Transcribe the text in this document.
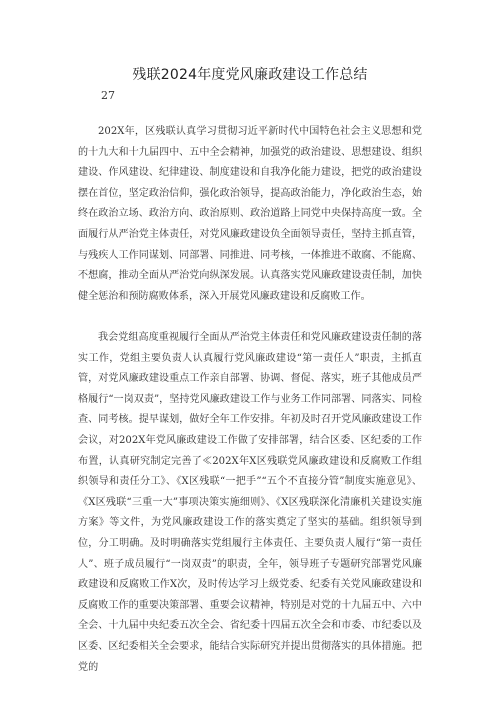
残联2024年度党风廉政建设工作总结
27

202X年，区残联认真学习贯彻习近平新时代中国特色社会主义思想和党的十九大和十九届四中、五中全会精神，加强党的政治建设、思想建设、组织建设、作风建设、纪律建设、制度建设和自我净化能力建设，把党的政治建设摆在首位，坚定政治信仰，强化政治领导，提高政治能力，净化政治生态，始终在政治立场、政治方向、政治原则、政治道路上同党中央保持高度一致。全面履行从严治党主体责任，对党风廉政建设负全面领导责任，坚持主抓直管，与残疾人工作同谋划、同部署、同推进、同考核，一体推进不敢腐、不能腐、不想腐，推动全面从严治党向纵深发展。认真落实党风廉政建设责任制，加快健全惩治和预防腐败体系，深入开展党风廉政建设和反腐败工作。

我会党组高度重视履行全面从严治党主体责任和党风廉政建设责任制的落实工作，党组主要负责人认真履行党风廉政建设“第一责任人”职责，主抓直管，对党风廉政建设重点工作亲自部署、协调、督促、落实，班子其他成员严格履行“一岗双责”，坚持党风廉政建设工作与业务工作同部署、同落实、同检查、同考核。提早谋划，做好全年工作安排。年初及时召开党风廉政建设工作会议，对202X年党风廉政建设工作做了安排部署，结合区委、区纪委的工作布置，认真研究制定完善了≪202X年X区残联党风廉政建设和反腐败工作组织领导和责任分工》、《X区残联“一把手”“五个不直接分管”制度实施意见》、《X区残联“三重一大”事项决策实施细则》、《X区残联深化清廉机关建设实施方案》等文件，为党风廉政建设工作的落实奠定了坚实的基础。组织领导到位，分工明确。及时明确落实党组履行主体责任、主要负责人履行“第一责任人”、班子成员履行“一岗双责”的职责，全年，领导班子专题研究部署党风廉政建设和反腐败工作X次，及时传达学习上级党委、纪委有关党风廉政建设和反腐败工作的重要决策部署、重要会议精神，特别是对党的十九届五中、六中全会、十九届中央纪委五次全会、省纪委十四届五次全会和市委、市纪委以及区委、区纪委相关全会要求，能结合实际研究并提出贯彻落实的具体措施。把党的
